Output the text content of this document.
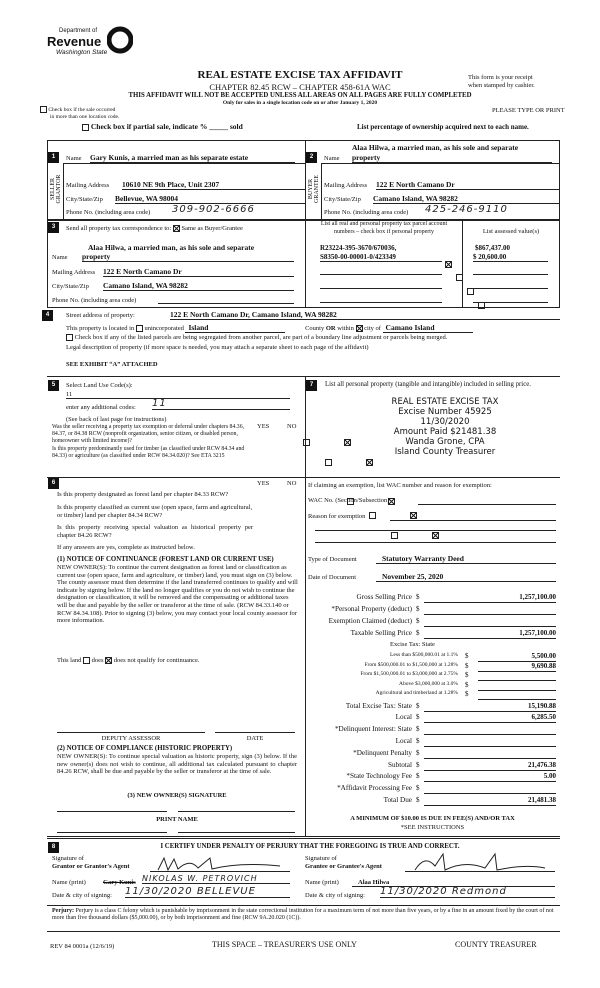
Department of
Revenue
Washington State
REAL ESTATE EXCISE TAX AFFIDAVIT
CHAPTER 82.45 RCW – CHAPTER 458-61A WAC
This form is your receipt
when stamped by cashier.
THIS AFFIDAVIT WILL NOT BE ACCEPTED UNLESS ALL AREAS ON ALL PAGES ARE FULLY COMPLETED
Only for sales in a single location code on or after January 1, 2020
Check box if the sale occurred
in more than one location code.
PLEASE TYPE OR PRINT
Check box if partial sale, indicate % _____ sold	List percentage of ownership acquired next to each name.
1
SELLER GRANTOR
Name Gary Kunis, a married man as his separate estate
Mailing Address 10610 NE 9th Place, Unit 2307
City/State/Zip Bellevue, WA 98004
Phone No. (including area code) 309-902-6666
2
BUYER GRANTEE
Alaa Hilwa, a married man, as his sole and separate
Name property
Mailing Address 122 E North Camano Dr
City/State/Zip Camano Island, WA 98282
Phone No. (including area code) 425-246-9110
3	Send all property tax correspondence to: Same as Buyer/Grantee
Alaa Hilwa, a married man, as his sole and separate
Name property
Mailing Address 122 E North Camano Dr
City/State/Zip Camano Island, WA 98282
Phone No. (including area code)
List all real and personal property tax parcel account
numbers – check box if personal property
R23224-395-3670/670036,
S8350-00-00001-0/423349

List assessed value(s)
$867,437.00
$ 20,600.00
4	Street address of property:	122 E North Camano Dr, Camano Island, WA 98282
This property is located in unincorporated Island	County OR within city of Camano Island
Check box if any of the listed parcels are being segregated from another parcel, are part of a boundary line adjustment or parcels being merged.
Legal description of property (if more space is needed, you may attach a separate sheet to each page of the affidavit)
SEE EXHIBIT “A” ATTACHED
5	Select Land Use Code(s):
11
enter any additional codes: 11
(See back of last page for instructions)
YES	NO
Was the seller receiving a property tax exemption or deferral under chapters 84.36, 84.37, or 84.38 RCW (nonprofit organization, senior citizen, or disabled person, homeowner with limited income)?

Is this property predominantly used for timber (as classified under RCW 84.34 and 84.33) or agriculture (as classified under RCW 84.34.020)? See ETA 3215

6	YES	NO
Is this property designated as forest land per chapter 84.33 RCW?

Is this property classified as current use (open space, farm and agricultural, or timber) land per chapter 84.34 RCW?

Is this property receiving special valuation as historical property per chapter 84.26 RCW?

If any answers are yes, complete as instructed below.
(1) NOTICE OF CONTINUANCE (FOREST LAND OR CURRENT USE)
NEW OWNER(S): To continue the current designation as forest land or classification as current use (open space, farm and agriculture, or timber) land, you must sign on (3) below. The county assessor must then determine if the land transferred continues to qualify and will indicate by signing below. If the land no longer qualifies or you do not wish to continue the designation or classification, it will be removed and the compensating or additional taxes will be due and payable by the seller or transferor at the time of sale. (RCW 84.33.140 or RCW 84.34.108). Prior to signing (3) below, you may contact your local county assessor for more information.
This land does does not qualify for continuance.
DEPUTY ASSESSOR	DATE
(2) NOTICE OF COMPLIANCE (HISTORIC PROPERTY)
NEW OWNER(S): To continue special valuation as historic property, sign (3) below. If the new owner(s) does not wish to continue, all additional tax calculated pursuant to chapter 84.26 RCW, shall be due and payable by the seller or transferor at the time of sale.
(3) NEW OWNER(S) SIGNATURE
PRINT NAME
7	List all personal property (tangible and intangible) included in selling price.
REAL ESTATE EXCISE TAX
Excise Number 45925
11/30/2020
Amount Paid $21481.38
Wanda Grone, CPA
Island County Treasurer
If claiming an exemption, list WAC number and reason for exemption:
WAC No. (Section/Subsection)
Reason for exemption
Type of Document	Statutory Warranty Deed
Date of Document	November 25, 2020
Gross Selling Price $	1,257,100.00
*Personal Property (deduct) $
Exemption Claimed (deduct) $
Taxable Selling Price $	1,257,100.00
Excise Tax: State
Less than $500,000.01 at 1.1% $	5,500.00
From $500,000.01 to $1,500,000 at 1.28% $	9,690.88
From $1,500,000.01 to $3,000,000 at 2.75% $
Above $3,000,000 at 3.0% $
Agricultural and timberland at 1.28% $
Total Excise Tax: State $	15,190.88
Local $	6,285.50
*Delinquent Interest: State $
Local $
*Delinquent Penalty $
Subtotal $	21,476.38
*State Technology Fee $	5.00
*Affidavit Processing Fee $
Total Due $	21,481.38
A MINIMUM OF $10.00 IS DUE IN FEE(S) AND/OR TAX
*SEE INSTRUCTIONS
8	I CERTIFY UNDER PENALTY OF PERJURY THAT THE FOREGOING IS TRUE AND CORRECT.
Signature of
Grantor or Grantor's Agent
Name (print)	Gary Kunis NIKOLAS W. PETROVICH
Date & city of signing: 11/30/2020 BELLEVUE
Signature of
Grantee or Grantee's Agent
Name (print)	Alaa Hilwa
Date & city of signing: 11/30/2020 Redmond
Perjury: Perjury is a class C felony which is punishable by imprisonment in the state correctional institution for a maximum term of not more than five years, or by a fine in an amount fixed by the court of not more than five thousand dollars ($5,000.00), or by both imprisonment and fine (RCW 9A.20.020 (1C)).
REV 84 0001a (12/6/19)	THIS SPACE – TREASURER'S USE ONLY	COUNTY TREASURER
